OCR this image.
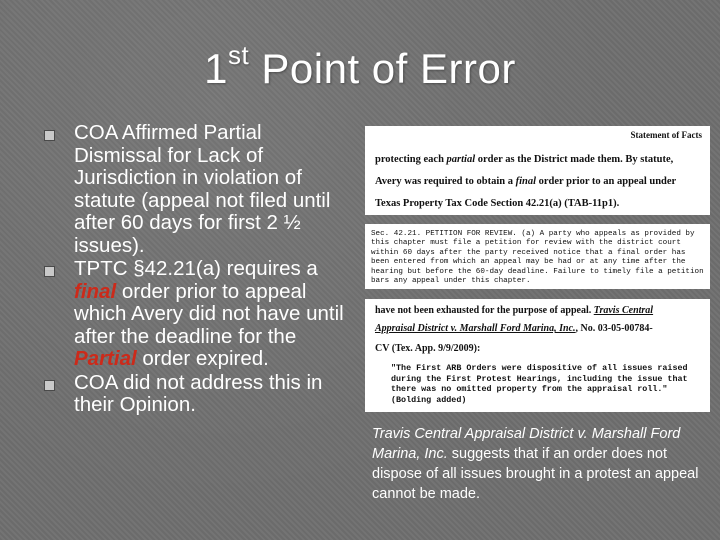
1st Point of Error
COA Affirmed Partial Dismissal for Lack of Jurisdiction in violation of statute (appeal not filed until after 60 days for first 2 ½ issues).
TPTC §42.21(a) requires a final order prior to appeal which Avery did not have until after the deadline for the Partial order expired.
COA did not address this in their Opinion.
Statement of Facts
protecting each partial order as the District made them. By statute,
Avery was required to obtain a final order prior to an appeal under
Texas Property Tax Code Section 42.21(a) (TAB-11p1).
Sec. 42.21. PETITION FOR REVIEW. (a) A party who appeals as provided by this chapter must file a petition for review with the district court within 60 days after the party received notice that a final order has been entered from which an appeal may be had or at any time after the hearing but before the 60-day deadline. Failure to timely file a petition bars any appeal under this chapter.
have not been exhausted for the purpose of appeal. Travis Central
Appraisal District v. Marshall Ford Marina, Inc., No. 03-05-00784-
CV (Tex. App. 9/9/2009):
"The First ARB Orders were dispositive of all issues raised during the First Protest Hearings, including the issue that there was no omitted property from the appraisal roll." (Bolding added)
Travis Central Appraisal District v. Marshall Ford Marina, Inc. suggests that if an order does not dispose of all issues brought in a protest an appeal cannot be made.
